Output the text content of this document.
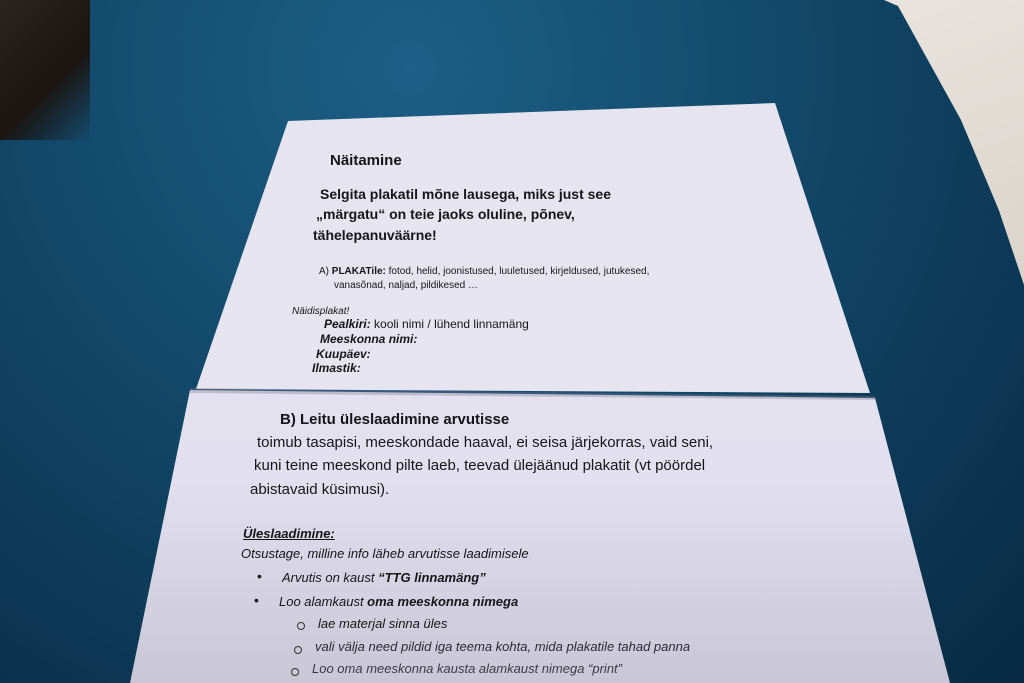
Näitamine
Selgita plakatil mõne lausega, miks just see
„märgatu“ on teie jaoks oluline, põnev,
tähelepanuväärne!
A) PLAKATile: fotod, helid, joonistused, luuletused, kirjeldused, jutukesed,
vanasõnad, naljad, pildikesed …
Näidisplakat!
Pealkiri: kooli nimi / lühend linnamäng
Meeskonna nimi:
Kuupäev:
Ilmastik:
B) Leitu üleslaadimine arvutisse
toimub tasapisi, meeskondade haaval, ei seisa järjekorras, vaid seni,
kuni teine meeskond pilte laeb, teevad ülejäänud plakatit (vt pöördel
abistavaid küsimusi).
Üleslaadimine:
Otsustage, milline info läheb arvutisse laadimisele
• Arvutis on kaust “TTG linnamäng”
• Loo alamkaust oma meeskonna nimega
lae materjal sinna üles
vali välja need pildid iga teema kohta, mida plakatile tahad panna
Loo oma meeskonna kausta alamkaust nimega “print”
